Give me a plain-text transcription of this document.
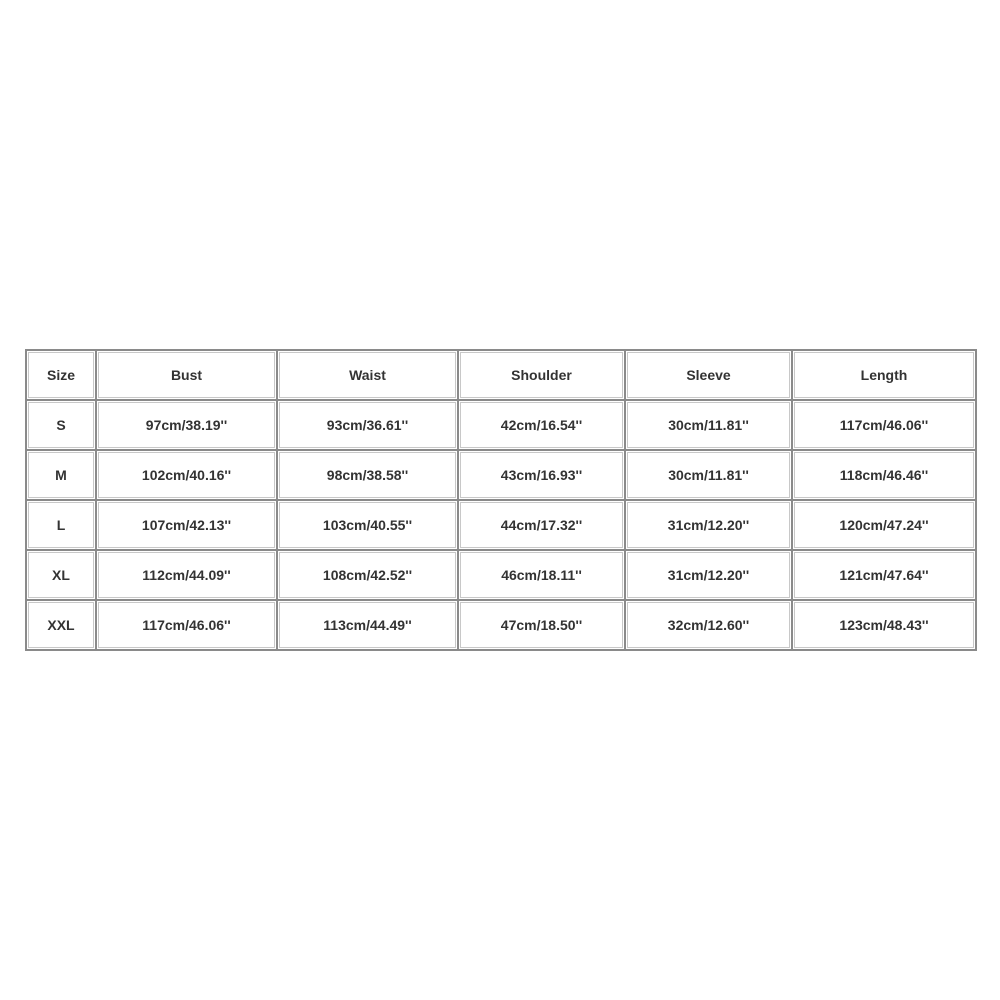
Size	Bust	Waist	Shoulder	Sleeve	Length
S	97cm/38.19''	93cm/36.61''	42cm/16.54''	30cm/11.81''	117cm/46.06''
M	102cm/40.16''	98cm/38.58''	43cm/16.93''	30cm/11.81''	118cm/46.46''
L	107cm/42.13''	103cm/40.55''	44cm/17.32''	31cm/12.20''	120cm/47.24''
XL	112cm/44.09''	108cm/42.52''	46cm/18.11''	31cm/12.20''	121cm/47.64''
XXL	117cm/46.06''	113cm/44.49''	47cm/18.50''	32cm/12.60''	123cm/48.43''
